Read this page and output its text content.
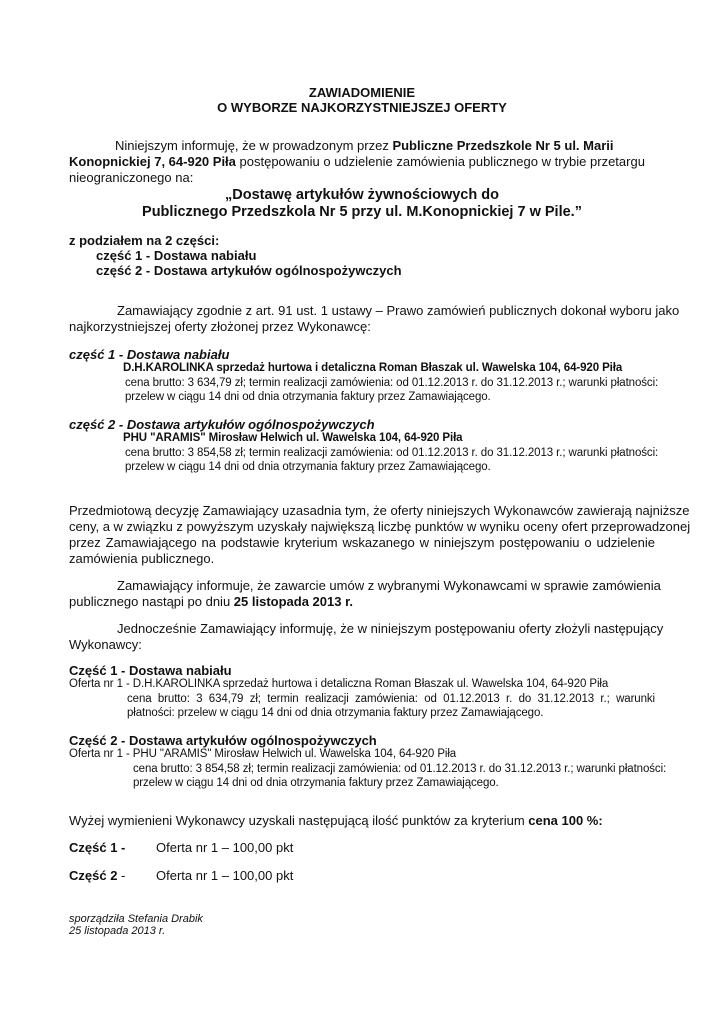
ZAWIADOMIENIE
O WYBORZE NAJKORZYSTNIEJSZEJ OFERTY
Niniejszym informuję, że w prowadzonym przez Publiczne Przedszkole Nr 5 ul. Marii
Konopnickiej 7, 64-920 Piła postępowaniu o udzielenie zamówienia publicznego w trybie przetargu
nieograniczonego na:
„Dostawę artykułów żywnościowych do
Publicznego Przedszkola Nr 5 przy ul. M.Konopnickiej 7 w Pile.”
z podziałem na 2 części:
część 1 - Dostawa nabiału
część 2 - Dostawa artykułów ogólnospożywczych
Zamawiający zgodnie z art. 91 ust. 1 ustawy – Prawo zamówień publicznych dokonał wyboru jako
najkorzystniejszej oferty złożonej przez Wykonawcę:
część 1 - Dostawa nabiału
D.H.KAROLINKA sprzedaż hurtowa i detaliczna Roman Błaszak ul. Wawelska 104, 64-920 Piła
cena brutto: 3 634,79 zł; termin realizacji zamówienia: od 01.12.2013 r. do 31.12.2013 r.; warunki płatności:
przelew w ciągu 14 dni od dnia otrzymania faktury przez Zamawiającego.
część 2 - Dostawa artykułów ogólnospożywczych
PHU "ARAMIS" Mirosław Helwich ul. Wawelska 104, 64-920 Piła
cena brutto: 3 854,58 zł; termin realizacji zamówienia: od 01.12.2013 r. do 31.12.2013 r.; warunki płatności:
przelew w ciągu 14 dni od dnia otrzymania faktury przez Zamawiającego.
Przedmiotową decyzję Zamawiający uzasadnia tym, że oferty niniejszych Wykonawców zawierają najniższe
ceny, a w związku z powyższym uzyskały największą liczbę punktów w wyniku oceny ofert przeprowadzonej
przez Zamawiającego na podstawie kryterium wskazanego w niniejszym postępowaniu o udzielenie
zamówienia publicznego.
Zamawiający informuje, że zawarcie umów z wybranymi Wykonawcami w sprawie zamówienia
publicznego nastąpi po dniu 25 listopada 2013 r.
Jednocześnie Zamawiający informuję, że w niniejszym postępowaniu oferty złożyli następujący
Wykonawcy:
Część 1 - Dostawa nabiału
Oferta nr 1 - D.H.KAROLINKA sprzedaż hurtowa i detaliczna Roman Błaszak ul. Wawelska 104, 64-920 Piła
cena brutto: 3 634,79 zł; termin realizacji zamówienia: od 01.12.2013 r. do 31.12.2013 r.; warunki
płatności: przelew w ciągu 14 dni od dnia otrzymania faktury przez Zamawiającego.
Część 2 - Dostawa artykułów ogólnospożywczych
Oferta nr 1 - PHU "ARAMIS" Mirosław Helwich ul. Wawelska 104, 64-920 Piła
cena brutto: 3 854,58 zł; termin realizacji zamówienia: od 01.12.2013 r. do 31.12.2013 r.; warunki płatności:
przelew w ciągu 14 dni od dnia otrzymania faktury przez Zamawiającego.
Wyżej wymienieni Wykonawcy uzyskali następującą ilość punktów za kryterium cena 100 %:
Część 1 - Oferta nr 1 – 100,00 pkt
Część 2 - Oferta nr 1 – 100,00 pkt
sporządziła Stefania Drabik
25 listopada 2013 r.
